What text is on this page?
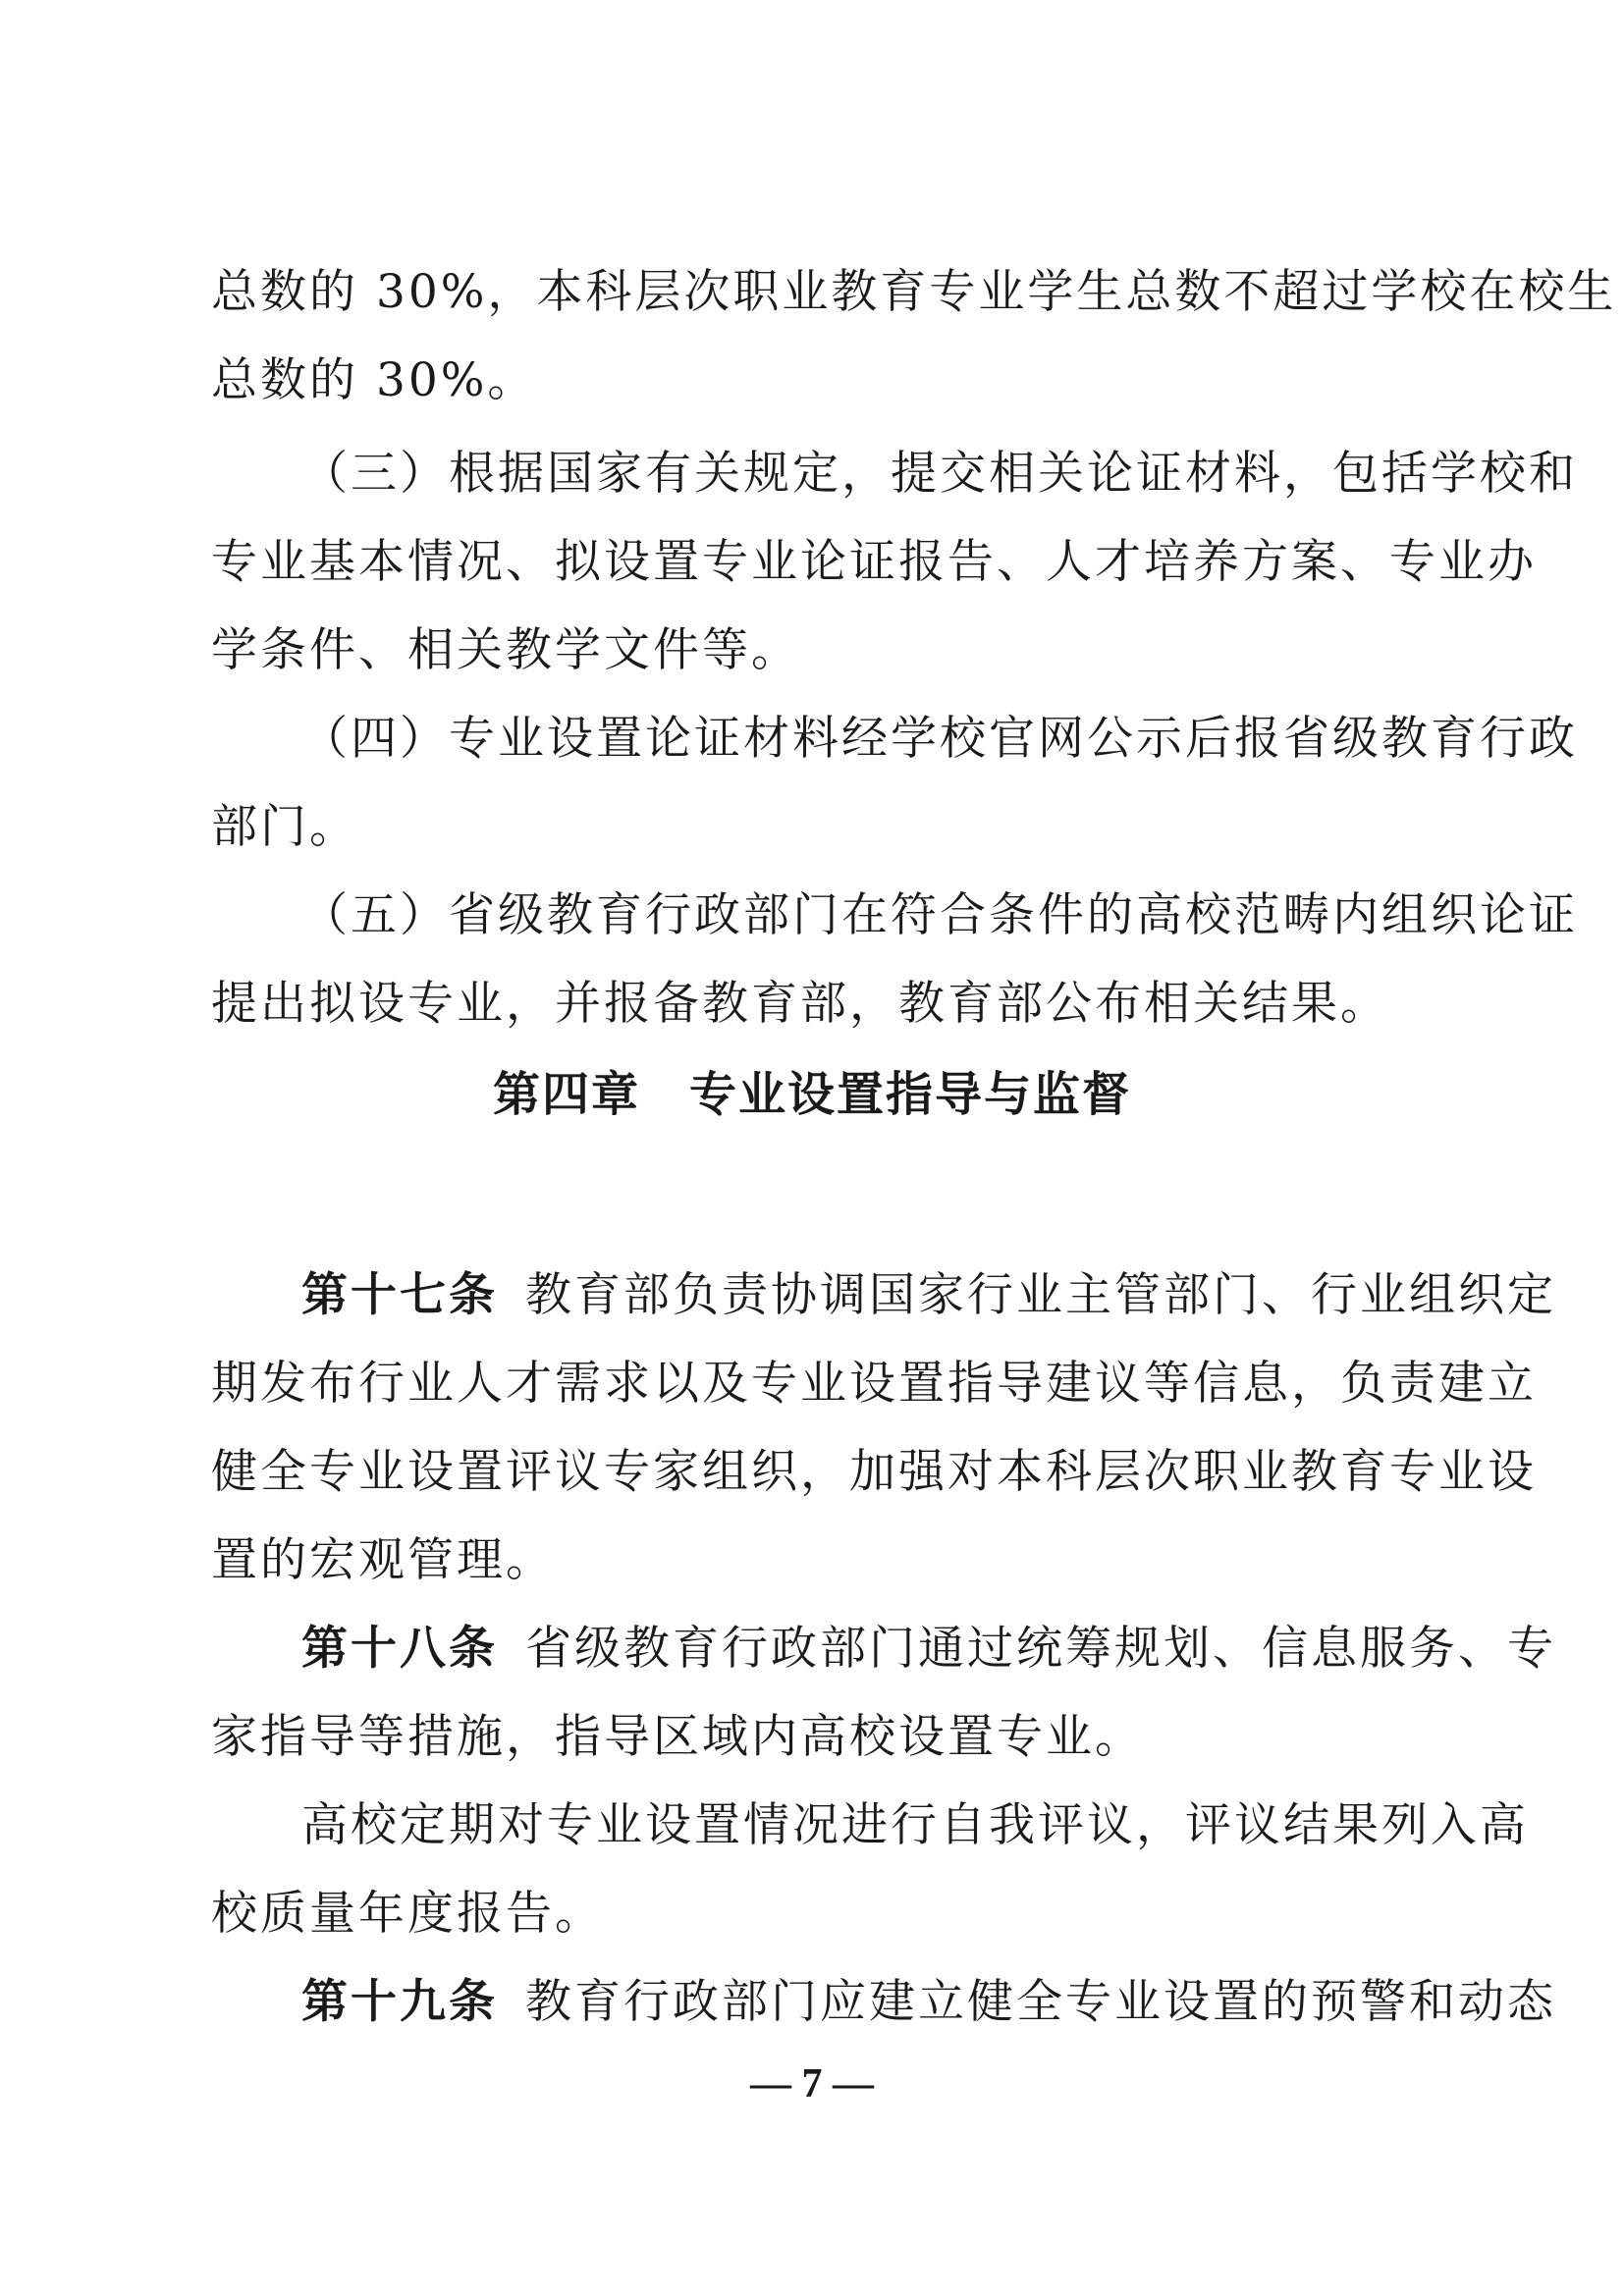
总数的 30%，本科层次职业教育专业学生总数不超过学校在校生
总数的 30%。
（三）根据国家有关规定，提交相关论证材料，包括学校和
专业基本情况、拟设置专业论证报告、人才培养方案、专业办
学条件、相关教学文件等。
（四）专业设置论证材料经学校官网公示后报省级教育行政
部门。
（五）省级教育行政部门在符合条件的高校范畴内组织论证
提出拟设专业，并报备教育部，教育部公布相关结果。
第四章　专业设置指导与监督
第十七条 教育部负责协调国家行业主管部门、行业组织定
期发布行业人才需求以及专业设置指导建议等信息，负责建立
健全专业设置评议专家组织，加强对本科层次职业教育专业设
置的宏观管理。
第十八条 省级教育行政部门通过统筹规划、信息服务、专
家指导等措施，指导区域内高校设置专业。
高校定期对专业设置情况进行自我评议，评议结果列入高
校质量年度报告。
第十九条 教育行政部门应建立健全专业设置的预警和动态
— 7 —
